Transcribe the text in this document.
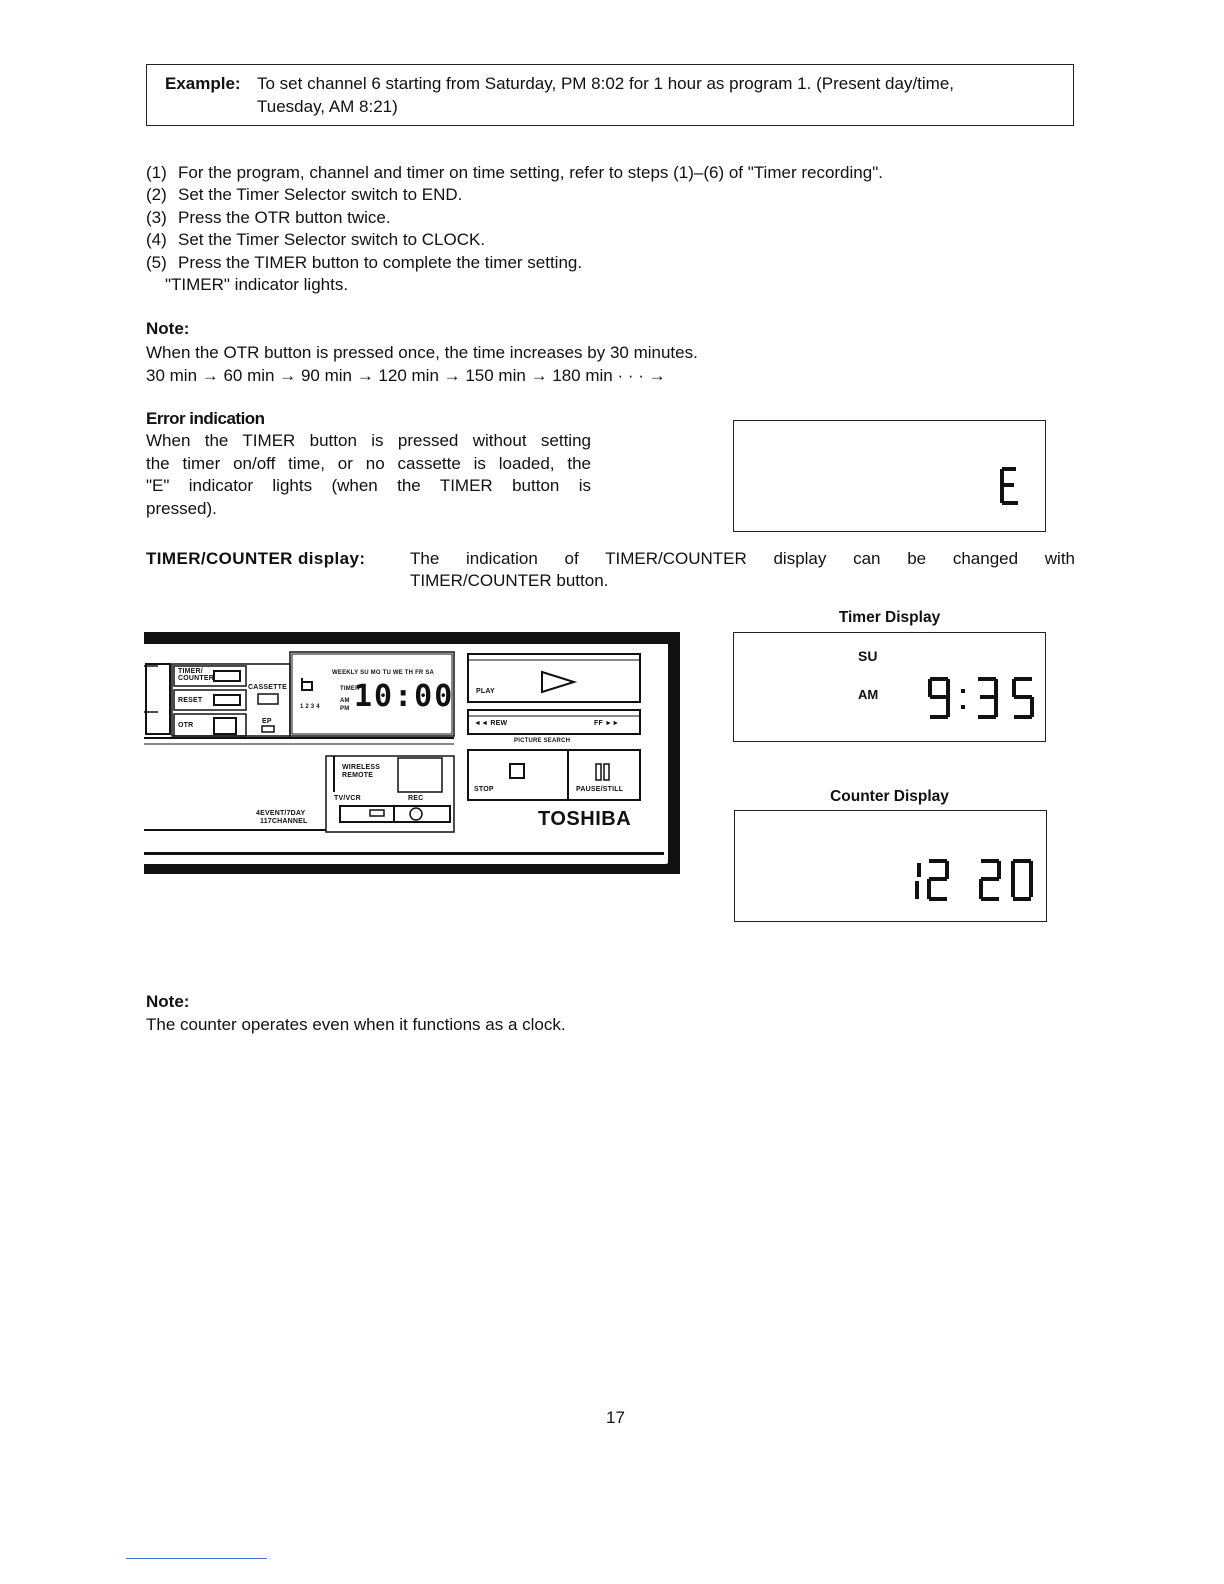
Example: To set channel 6 starting from Saturday, PM 8:02 for 1 hour as program 1. (Present day/time,
Tuesday, AM 8:21)
(1) For the program, channel and timer on time setting, refer to steps (1)–(6) of "Timer recording".
(2) Set the Timer Selector switch to END.
(3) Press the OTR button twice.
(4) Set the Timer Selector switch to CLOCK.
(5) Press the TIMER button to complete the timer setting.
"TIMER" indicator lights.
Note:
When the OTR button is pressed once, the time increases by 30 minutes.
30 min → 60 min → 90 min → 120 min → 150 min → 180 min · · · →
Error indication
When the TIMER button is pressed without setting
the timer on/off time, or no cassette is loaded, the
"E" indicator lights (when the TIMER button is
pressed).
TIMER/COUNTER display:	The indication of TIMER/COUNTER display can be changed with
TIMER/COUNTER button.
Timer Display
SU
AM
Counter Display
TIMER/ COUNTER
RESET
OTR
CASSETTE
EP
WEEKLY SU MO TU WE TH FR SA
TIMER
AM
PM
1 2 3 4 10:00	PLAY
◄◄ REW	FF ►►
PICTURE SEARCH
STOP	PAUSE/STILL
WIRELESS REMOTE
TV/VCR	REC
4EVENT/7DAY
117CHANNEL	TOSHIBA
Note:
The counter operates even when it functions as a clock.
17
